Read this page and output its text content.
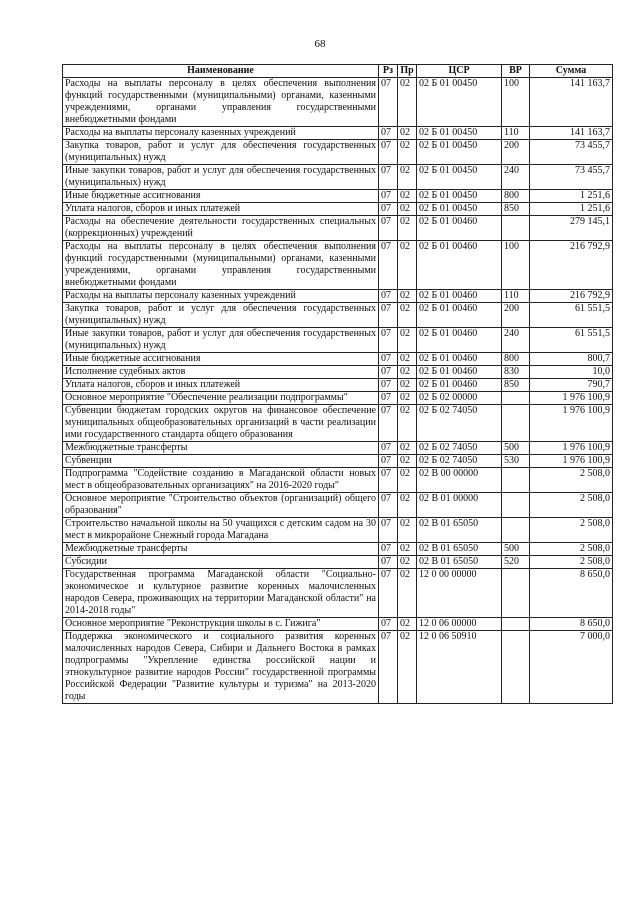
68
Наименование	Рз	Пр	ЦСР	ВР	Сумма
Расходы на выплаты персоналу в целях обеспечения выполнения функций государственными (муниципальными) органами, казенными учреждениями, органами управления государственными внебюджетными фондами	07	02	02 Б 01 00450	100	141 163,7
Расходы на выплаты персоналу казенных учреждений	07	02	02 Б 01 00450	110	141 163,7
Закупка товаров, работ и услуг для обеспечения государственных (муниципальных) нужд	07	02	02 Б 01 00450	200	73 455,7
Иные закупки товаров, работ и услуг для обеспечения государственных (муниципальных) нужд	07	02	02 Б 01 00450	240	73 455,7
Иные бюджетные ассигнования	07	02	02 Б 01 00450	800	1 251,6
Уплата налогов, сборов и иных платежей	07	02	02 Б 01 00450	850	1 251,6
Расходы на обеспечение деятельности государственных специальных (коррекционных) учреждений	07	02	02 Б 01 00460		279 145,1
Расходы на выплаты персоналу в целях обеспечения выполнения функций государственными (муниципальными) органами, казенными учреждениями, органами управления государственными внебюджетными фондами	07	02	02 Б 01 00460	100	216 792,9
Расходы на выплаты персоналу казенных учреждений	07	02	02 Б 01 00460	110	216 792,9
Закупка товаров, работ и услуг для обеспечения государственных (муниципальных) нужд	07	02	02 Б 01 00460	200	61 551,5
Иные закупки товаров, работ и услуг для обеспечения государственных (муниципальных) нужд	07	02	02 Б 01 00460	240	61 551,5
Иные бюджетные ассигнования	07	02	02 Б 01 00460	800	800,7
Исполнение судебных актов	07	02	02 Б 01 00460	830	10,0
Уплата налогов, сборов и иных платежей	07	02	02 Б 01 00460	850	790,7
Основное мероприятие "Обеспечение реализации подпрограммы"	07	02	02 Б 02 00000		1 976 100,9
Субвенции бюджетам городских округов на финансовое обеспечение муниципальных общеобразовательных организаций в части реализации ими государственного стандарта общего образования	07	02	02 Б 02 74050		1 976 100,9
Межбюджетные трансферты	07	02	02 Б 02 74050	500	1 976 100,9
Субвенции	07	02	02 Б 02 74050	530	1 976 100,9
Подпрограмма "Содействие созданию в Магаданской области новых мест в общеобразовательных организациях" на 2016-2020 годы"	07	02	02 В 00 00000		2 508,0
Основное мероприятие "Строительство объектов (организаций) общего образования"	07	02	02 В 01 00000		2 508,0
Строительство начальной школы на 50 учащихся с детским садом на 30 мест в микрорайоне Снежный города Магадана	07	02	02 В 01 65050		2 508,0
Межбюджетные трансферты	07	02	02 В 01 65050	500	2 508,0
Субсидии	07	02	02 В 01 65050	520	2 508,0
Государственная программа Магаданской области "Социально-экономическое и культурное развитие коренных малочисленных народов Севера, проживающих на территории Магаданской области" на 2014-2018 годы"	07	02	12 0 00 00000		8 650,0
Основное мероприятие "Реконструкция школы в с. Гижига"	07	02	12 0 06 00000		8 650,0
Поддержка экономического и социального развития коренных малочисленных народов Севера, Сибири и Дальнего Востока в рамках подпрограммы "Укрепление единства российской нации и этнокультурное развитие народов России" государственной программы Российской Федерации "Развитие культуры и туризма" на 2013-2020 годы	07	02	12 0 06 50910		7 000,0
